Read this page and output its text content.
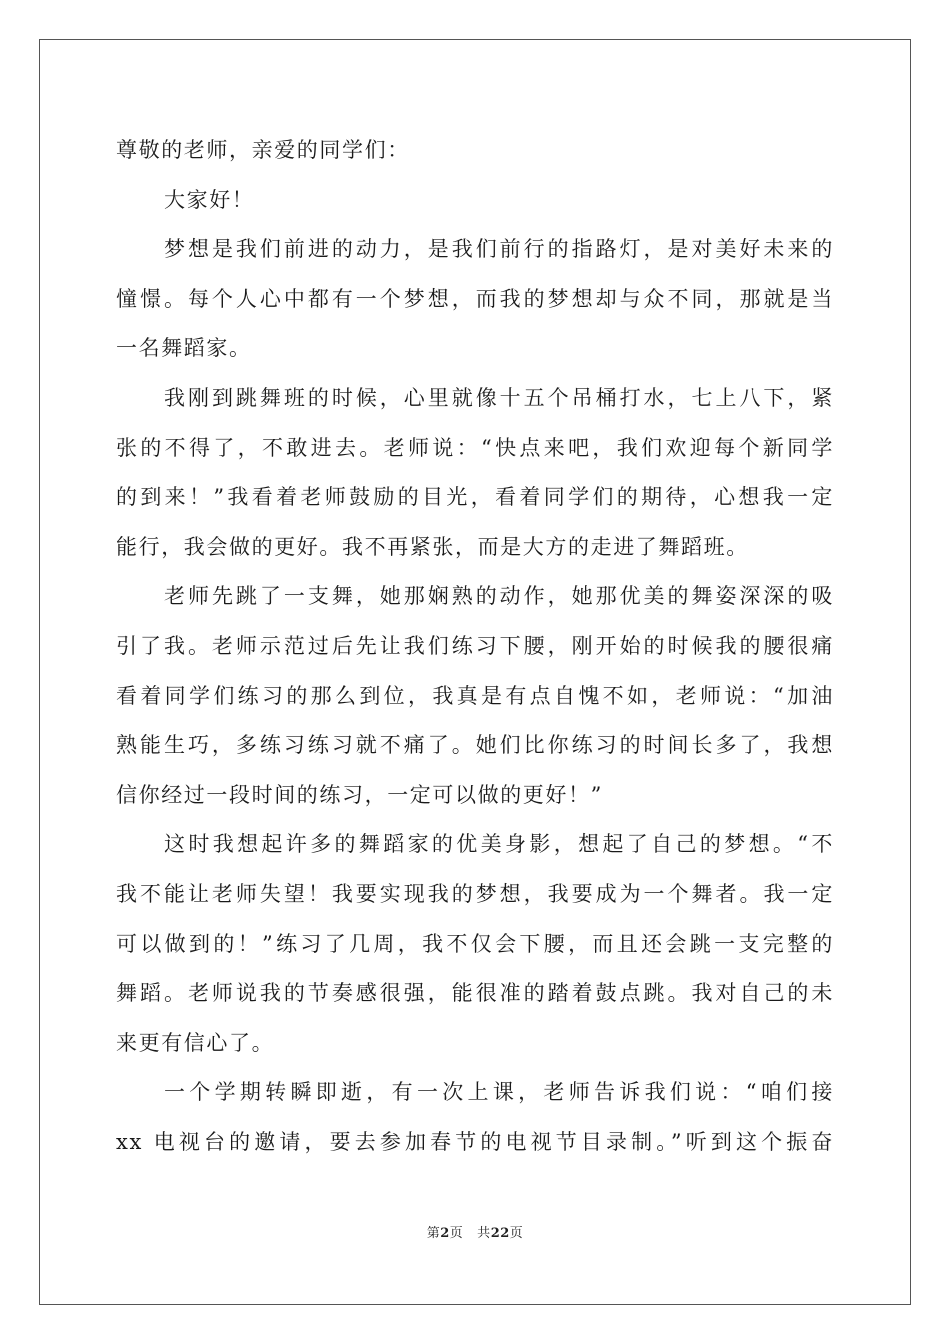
尊敬的老师，亲爱的同学们：
大家好！
梦想是我们前进的动力，是我们前行的指路灯，是对美好未来的
憧憬。每个人心中都有一个梦想，而我的梦想却与众不同，那就是当
一名舞蹈家。
我刚到跳舞班的时候，心里就像十五个吊桶打水，七上八下，紧
张的不得了，不敢进去。老师说：“快点来吧，我们欢迎每个新同学
的到来！”我看着老师鼓励的目光，看着同学们的期待，心想我一定
能行，我会做的更好。我不再紧张，而是大方的走进了舞蹈班。
老师先跳了一支舞，她那娴熟的动作，她那优美的舞姿深深的吸
引了我。老师示范过后先让我们练习下腰，刚开始的时候我的腰很痛
看着同学们练习的那么到位，我真是有点自愧不如，老师说：“加油
熟能生巧，多练习练习就不痛了。她们比你练习的时间长多了，我想
信你经过一段时间的练习，一定可以做的更好！”
这时我想起许多的舞蹈家的优美身影，想起了自己的梦想。“不
我不能让老师失望！我要实现我的梦想，我要成为一个舞者。我一定
可以做到的！”练习了几周，我不仅会下腰，而且还会跳一支完整的
舞蹈。老师说我的节奏感很强，能很准的踏着鼓点跳。我对自己的未
来更有信心了。
一个学期转瞬即逝，有一次上课，老师告诉我们说：“咱们接
xx 电视台的邀请，要去参加春节的电视节目录制。”听到这个振奋
第2页 共22页
